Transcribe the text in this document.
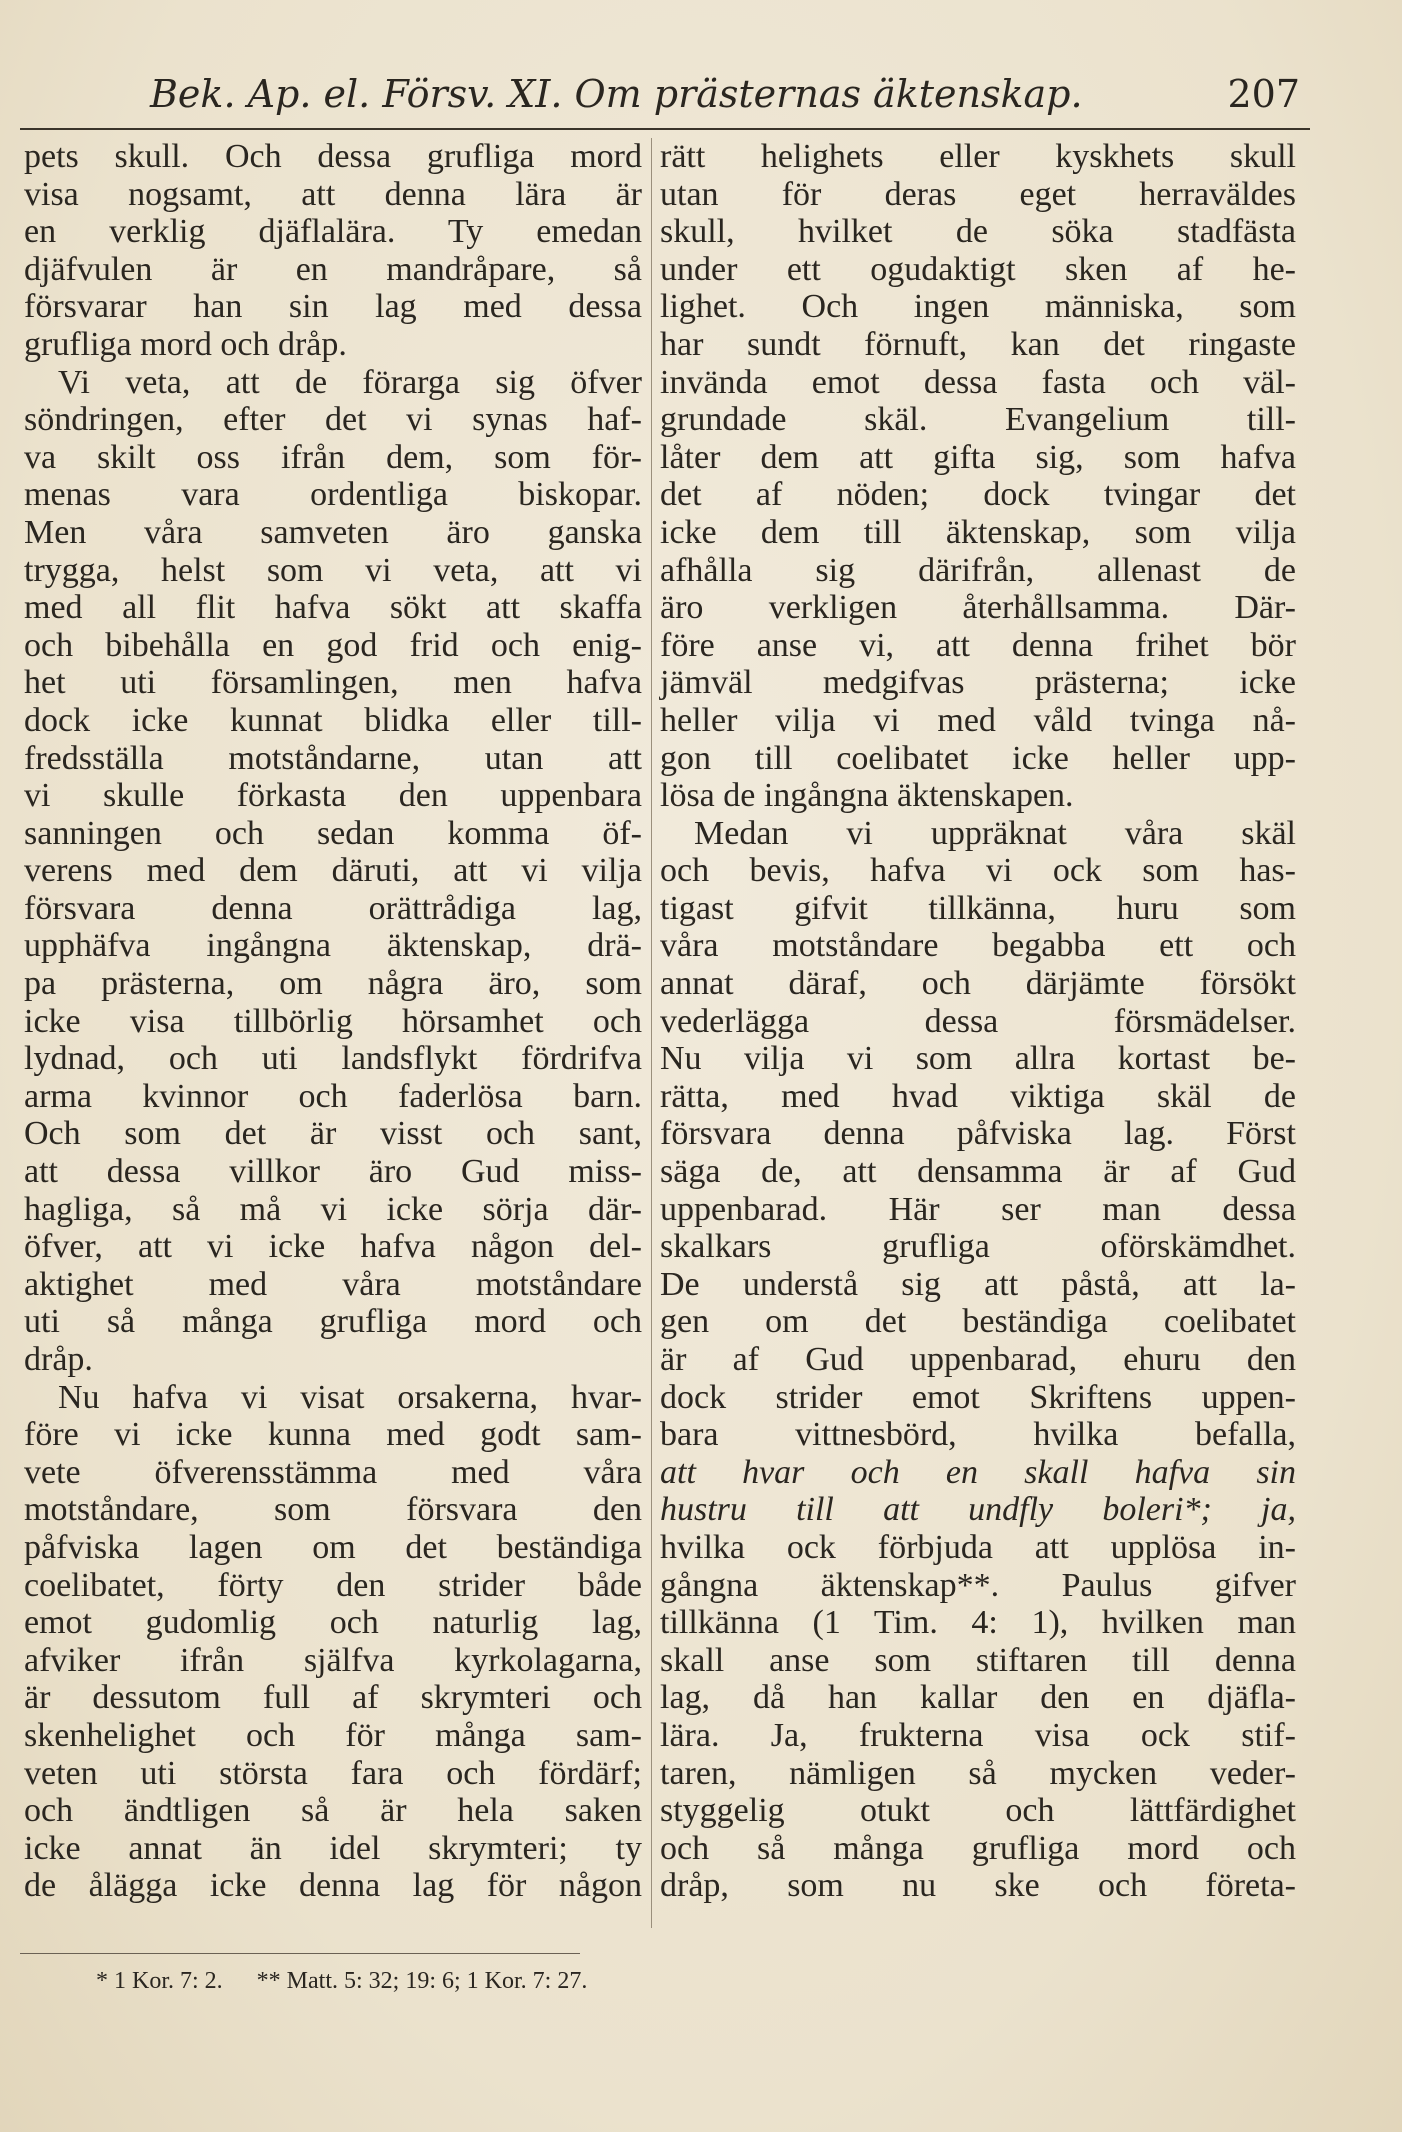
Bek. Ap. el. Försv. XI. Om prästernas äktenskap.	207
pets skull. Och dessa grufliga mord
visa nogsamt, att denna lära är
en verklig djäflalära. Ty emedan
djäfvulen är en mandråpare, så
försvarar han sin lag med dessa
grufliga mord och dråp.
Vi veta, att de förarga sig öfver
söndringen, efter det vi synas haf-
va skilt oss ifrån dem, som för-
menas vara ordentliga biskopar.
Men våra samveten äro ganska
trygga, helst som vi veta, att vi
med all flit hafva sökt att skaffa
och bibehålla en god frid och enig-
het uti församlingen, men hafva
dock icke kunnat blidka eller till-
fredsställa motståndarne, utan att
vi skulle förkasta den uppenbara
sanningen och sedan komma öf-
verens med dem däruti, att vi vilja
försvara denna orättrådiga lag,
upphäfva ingångna äktenskap, drä-
pa prästerna, om några äro, som
icke visa tillbörlig hörsamhet och
lydnad, och uti landsflykt fördrifva
arma kvinnor och faderlösa barn.
Och som det är visst och sant,
att dessa villkor äro Gud miss-
hagliga, så må vi icke sörja där-
öfver, att vi icke hafva någon del-
aktighet med våra motståndare
uti så många grufliga mord och
dråp.
Nu hafva vi visat orsakerna, hvar-
före vi icke kunna med godt sam-
vete öfverensstämma med våra
motståndare, som försvara den
påfviska lagen om det beständiga
coelibatet, förty den strider både
emot gudomlig och naturlig lag,
afviker ifrån själfva kyrkolagarna,
är dessutom full af skrymteri och
skenhelighet och för många sam-
veten uti största fara och fördärf;
och ändtligen så är hela saken
icke annat än idel skrymteri; ty
de ålägga icke denna lag för någon
rätt helighets eller kyskhets skull
utan för deras eget herraväldes
skull, hvilket de söka stadfästa
under ett ogudaktigt sken af he-
lighet. Och ingen människa, som
har sundt förnuft, kan det ringaste
invända emot dessa fasta och väl-
grundade skäl. Evangelium till-
låter dem att gifta sig, som hafva
det af nöden; dock tvingar det
icke dem till äktenskap, som vilja
afhålla sig därifrån, allenast de
äro verkligen återhållsamma. Där-
före anse vi, att denna frihet bör
jämväl medgifvas prästerna; icke
heller vilja vi med våld tvinga nå-
gon till coelibatet icke heller upp-
lösa de ingångna äktenskapen.
Medan vi uppräknat våra skäl
och bevis, hafva vi ock som has-
tigast gifvit tillkänna, huru som
våra motståndare begabba ett och
annat däraf, och därjämte försökt
vederlägga dessa försmädelser.
Nu vilja vi som allra kortast be-
rätta, med hvad viktiga skäl de
försvara denna påfviska lag. Först
säga de, att densamma är af Gud
uppenbarad. Här ser man dessa
skalkars grufliga oförskämdhet.
De understå sig att påstå, att la-
gen om det beständiga coelibatet
är af Gud uppenbarad, ehuru den
dock strider emot Skriftens uppen-
bara vittnesbörd, hvilka befalla,
att hvar och en skall hafva sin
hustru till att undfly boleri*; ja,
hvilka ock förbjuda att upplösa in-
gångna äktenskap**. Paulus gifver
tillkänna (1 Tim. 4: 1), hvilken man
skall anse som stiftaren till denna
lag, då han kallar den en djäfla-
lära. Ja, frukterna visa ock stif-
taren, nämligen så mycken veder-
styggelig otukt och lättfärdighet
och så många grufliga mord och
dråp, som nu ske och företa-
* 1 Kor. 7: 2. ** Matt. 5: 32; 19: 6; 1 Kor. 7: 27.
